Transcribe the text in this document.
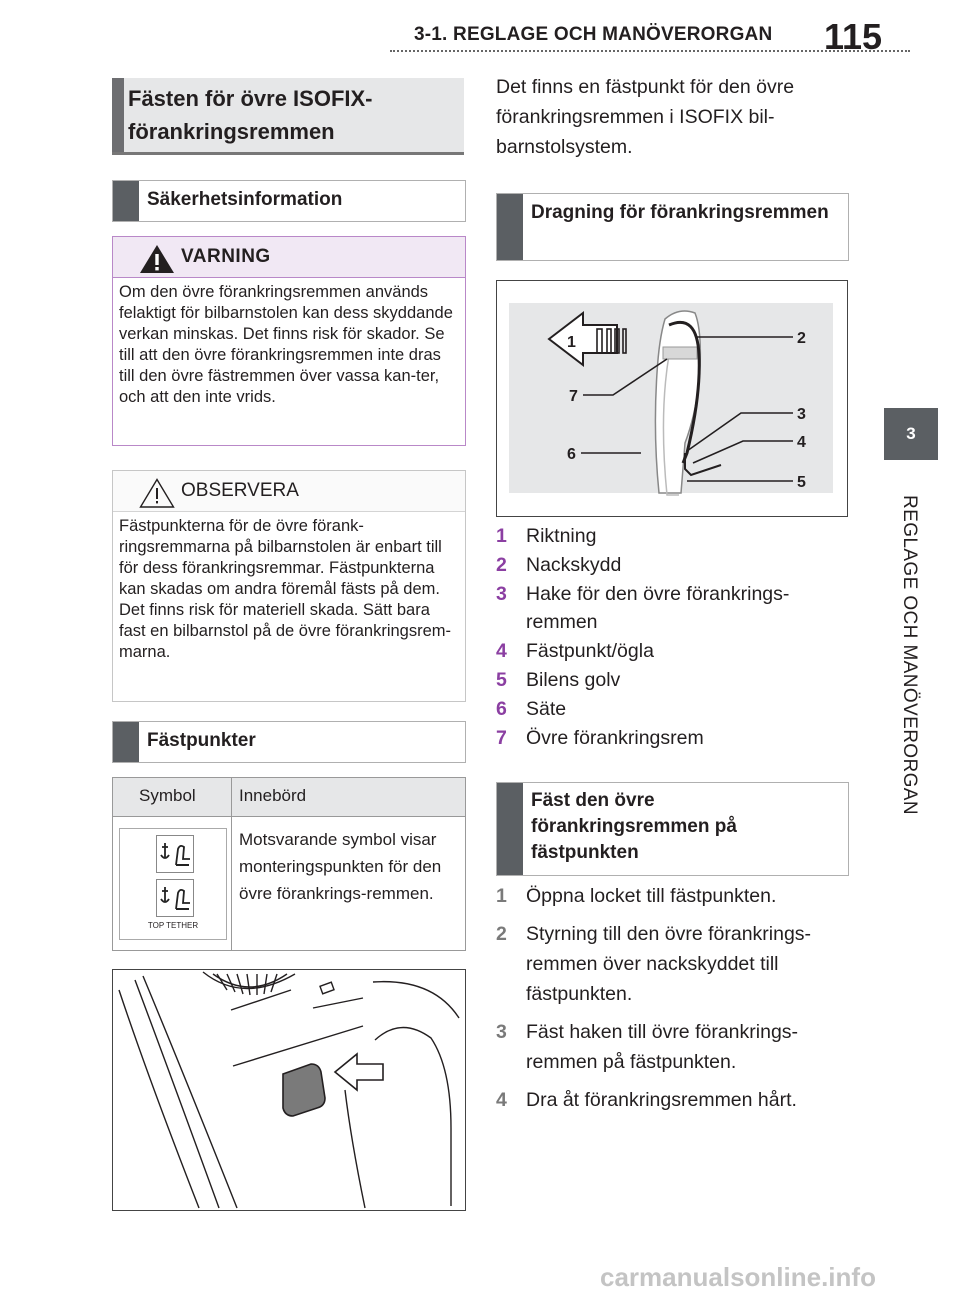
3-1. REGLAGE OCH MANÖVERORGAN 115
3
REGLAGE OCH MANÖVERORGAN
Fästen för övre ISOFIX-förankringsremmen
Säkerhetsinformation
VARNING
Om den övre förankringsremmen används felaktigt för bilbarnstolen kan dess skyddande verkan minskas. Det finns risk för skador. Se till att den övre förankringsremmen inte dras till den övre fästremmen över vassa kan-ter, och att den inte vrids.
OBSERVERA
Fästpunkterna för de övre förank-ringsremmarna på bilbarnstolen är enbart till för dess förankringsremmar. Fästpunkterna kan skadas om andra föremål fästs på dem. Det finns risk för materiell skada. Sätt bara fast en bilbarnstol på de övre förankringsrem-marna.
Fästpunkter
Symbol	Innebörd
TOP TETHER
Motsvarande symbol visar monteringspunkten för den övre förankrings-remmen.
Det finns en fästpunkt för den övre förankringsremmen i ISOFIX bil-barnstolsystem.
Dragning för förankringsremmen
1	2
3
4
5
6
7
1 Riktning
2 Nackskydd
3 Hake för den övre förankrings-remmen
4 Fästpunkt/ögla
5 Bilens golv
6 Säte
7 Övre förankringsrem
Fäst den övre förankringsremmen på fästpunkten
1 Öppna locket till fästpunkten.
2 Styrning till den övre förankrings-remmen över nackskyddet till fästpunkten.
3 Fäst haken till övre förankrings-remmen på fästpunkten.
4 Dra åt förankringsremmen hårt.
carmanualsonline.info
